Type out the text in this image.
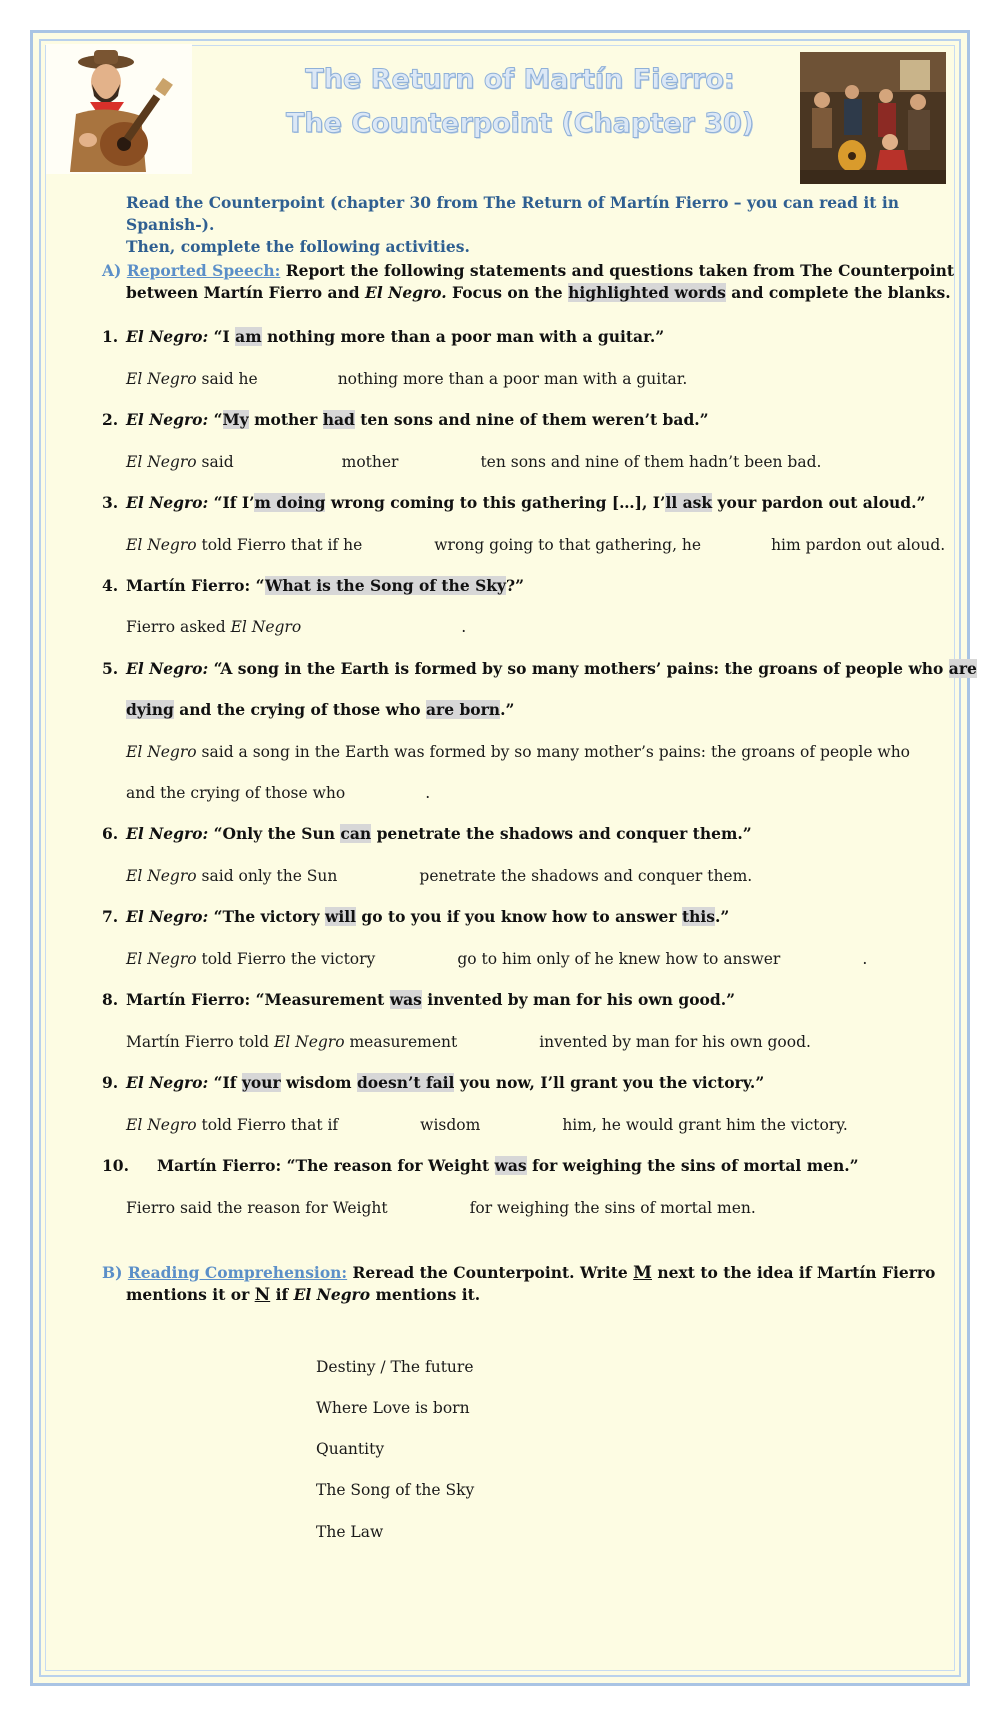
The Return of Martín Fierro:
The Counterpoint (Chapter 30)
Read the Counterpoint (chapter 30 from The Return of Martín Fierro – you can read it in Spanish-).
Then, complete the following activities.
A) Reported Speech: Report the following statements and questions taken from The Counterpoint
between Martín Fierro and El Negro. Focus on the highlighted words and complete the blanks.
1. El Negro: “I am nothing more than a poor man with a guitar.”
El Negro said he	nothing more than a poor man with a guitar.
2. El Negro: “My mother had ten sons and nine of them weren’t bad.”
El Negro said	mother	ten sons and nine of them hadn’t been bad.
3. El Negro: “If I’m doing wrong coming to this gathering […], I’ll ask your pardon out aloud.”
El Negro told Fierro that if he	wrong going to that gathering, he	him pardon out aloud.
4. Martín Fierro: “What is the Song of the Sky?”
Fierro asked El Negro	.
5. El Negro: “A song in the Earth is formed by so many mothers’ pains: the groans of people who are
dying and the crying of those who are born.”
El Negro said a song in the Earth was formed by so many mother’s pains: the groans of people who
and the crying of those who	.
6. El Negro: “Only the Sun can penetrate the shadows and conquer them.”
El Negro said only the Sun	penetrate the shadows and conquer them.
7. El Negro: “The victory will go to you if you know how to answer this.”
El Negro told Fierro the victory	go to him only of he knew how to answer	.
8. Martín Fierro: “Measurement was invented by man for his own good.”
Martín Fierro told El Negro measurement	invented by man for his own good.
9. El Negro: “If your wisdom doesn’t fail you now, I’ll grant you the victory.”
El Negro told Fierro that if	wisdom	him, he would grant him the victory.
10. Martín Fierro: “The reason for Weight was for weighing the sins of mortal men.”
Fierro said the reason for Weight	for weighing the sins of mortal men.
B) Reading Comprehension: Reread the Counterpoint. Write M next to the idea if Martín Fierro
mentions it or N if El Negro mentions it.
Destiny / The future
Where Love is born
Quantity
The Song of the Sky
The Law
